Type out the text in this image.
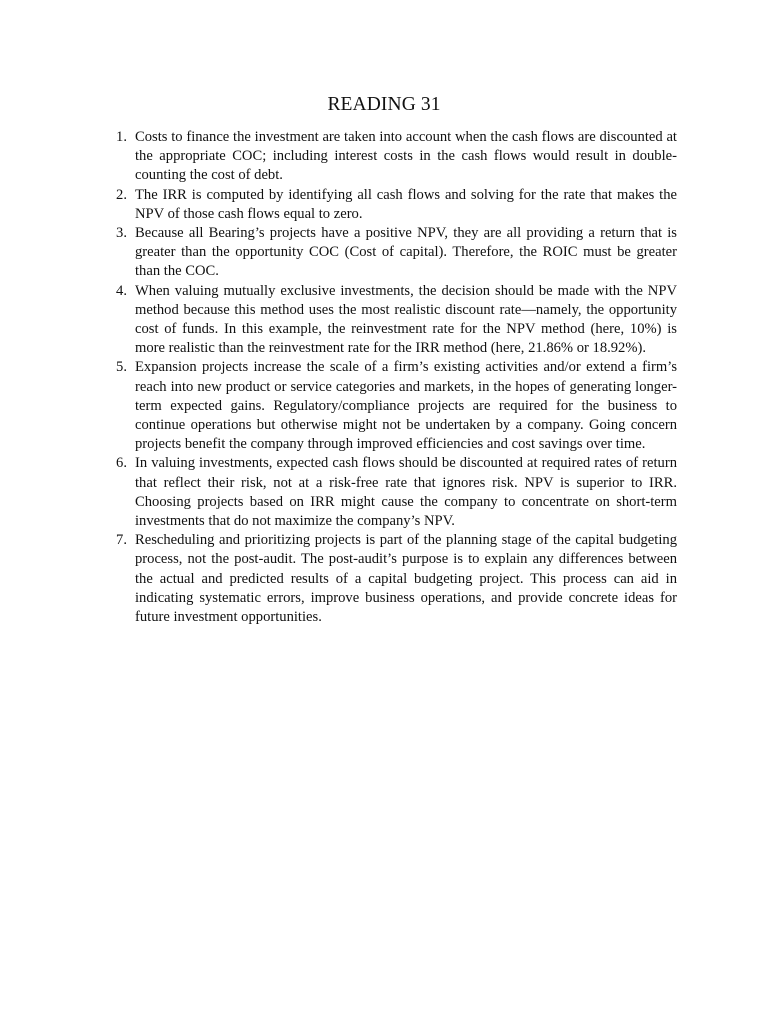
READING 31
1. Costs to finance the investment are taken into account when the cash flows are discounted at the appropriate COC; including interest costs in the cash flows would result in double-counting the cost of debt.
2. The IRR is computed by identifying all cash flows and solving for the rate that makes the NPV of those cash flows equal to zero.
3. Because all Bearing’s projects have a positive NPV, they are all providing a return that is greater than the opportunity COC (Cost of capital). Therefore, the ROIC must be greater than the COC.
4. When valuing mutually exclusive investments, the decision should be made with the NPV method because this method uses the most realistic discount rate—namely, the opportunity cost of funds. In this example, the reinvestment rate for the NPV method (here, 10%) is more realistic than the reinvestment rate for the IRR method (here, 21.86% or 18.92%).
5. Expansion projects increase the scale of a firm’s existing activities and/or extend a firm’s reach into new product or service categories and markets, in the hopes of generating longer-term expected gains. Regulatory/compliance projects are required for the business to continue operations but otherwise might not be undertaken by a company. Going concern projects benefit the company through improved efficiencies and cost savings over time.
6. In valuing investments, expected cash flows should be discounted at required rates of return that reflect their risk, not at a risk-free rate that ignores risk. NPV is superior to IRR. Choosing projects based on IRR might cause the company to concentrate on short-term investments that do not maximize the company’s NPV.
7. Rescheduling and prioritizing projects is part of the planning stage of the capital budgeting process, not the post-audit. The post-audit’s purpose is to explain any differences between the actual and predicted results of a capital budgeting project. This process can aid in indicating systematic errors, improve business operations, and provide concrete ideas for future investment opportunities.
